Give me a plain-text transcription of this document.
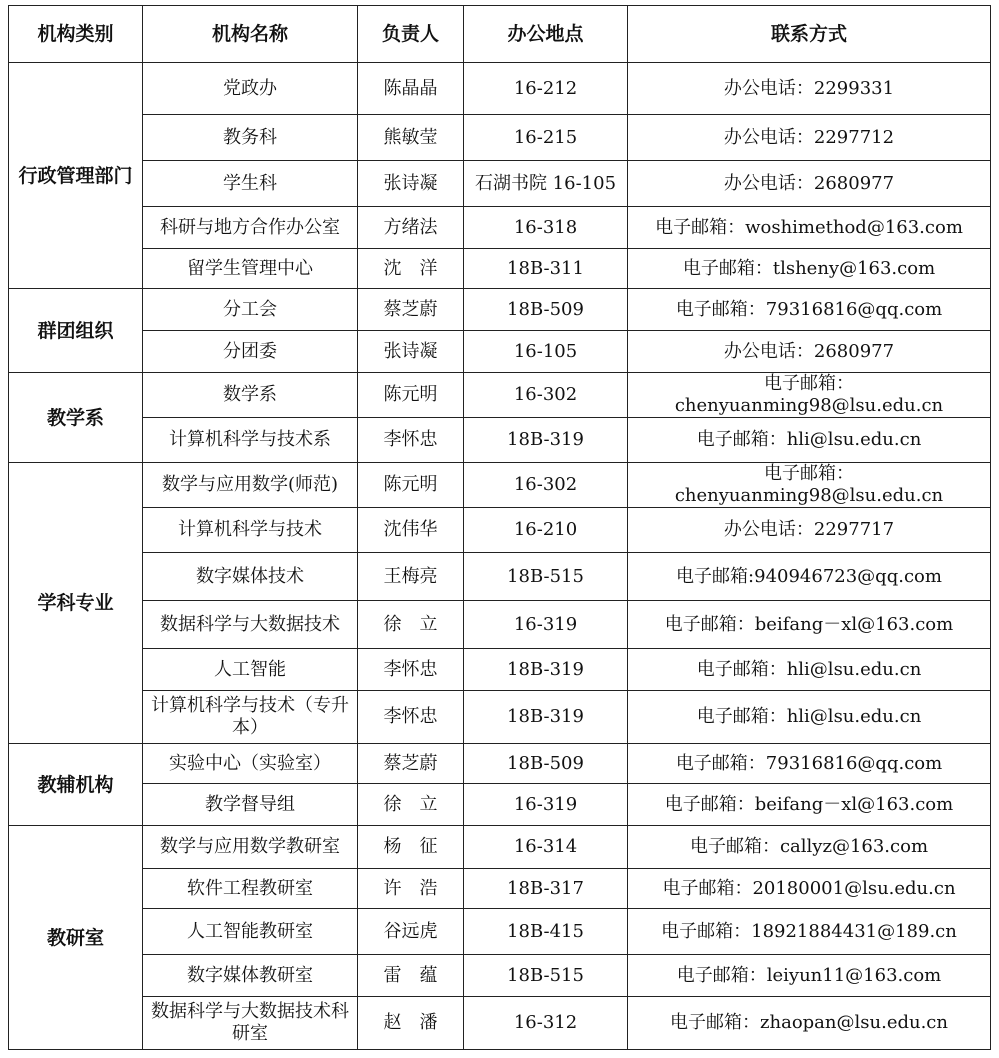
机构类别	机构名称	负责人	办公地点	联系方式
行政管理部门	党政办	陈晶晶	16-212	办公电话：2299331
	教务科	熊敏莹	16-215	办公电话：2297712
	学生科	张诗凝	石湖书院 16-105	办公电话：2680977
	科研与地方合作办公室	方绪法	16-318	电子邮箱：woshimethod@163.com
	留学生管理中心	沈　洋	18B-311	电子邮箱：tlsheny@163.com
群团组织	分工会	蔡芝蔚	18B-509	电子邮箱：79316816@qq.com
	分团委	张诗凝	16-105	办公电话：2680977
教学系	数学系	陈元明	16-302	电子邮箱：chenyuanming98@lsu.edu.cn
	计算机科学与技术系	李怀忠	18B-319	电子邮箱：hli@lsu.edu.cn
学科专业	数学与应用数学(师范)	陈元明	16-302	电子邮箱：chenyuanming98@lsu.edu.cn
	计算机科学与技术	沈伟华	16-210	办公电话：2297717
	数字媒体技术	王梅亮	18B-515	电子邮箱:940946723@qq.com
	数据科学与大数据技术	徐　立	16-319	电子邮箱：beifang－xl@163.com
	人工智能	李怀忠	18B-319	电子邮箱：hli@lsu.edu.cn
	计算机科学与技术（专升本）	李怀忠	18B-319	电子邮箱：hli@lsu.edu.cn
教辅机构	实验中心（实验室）	蔡芝蔚	18B-509	电子邮箱：79316816@qq.com
	教学督导组	徐　立	16-319	电子邮箱：beifang－xl@163.com
教研室	数学与应用数学教研室	杨　征	16-314	电子邮箱：callyz@163.com
	软件工程教研室	许　浩	18B-317	电子邮箱：20180001@lsu.edu.cn
	人工智能教研室	谷远虎	18B-415	电子邮箱：18921884431@189.cn
	数字媒体教研室	雷　蕴	18B-515	电子邮箱：leiyun11@163.com
	数据科学与大数据技术科研室	赵　潘	16-312	电子邮箱：zhaopan@lsu.edu.cn
